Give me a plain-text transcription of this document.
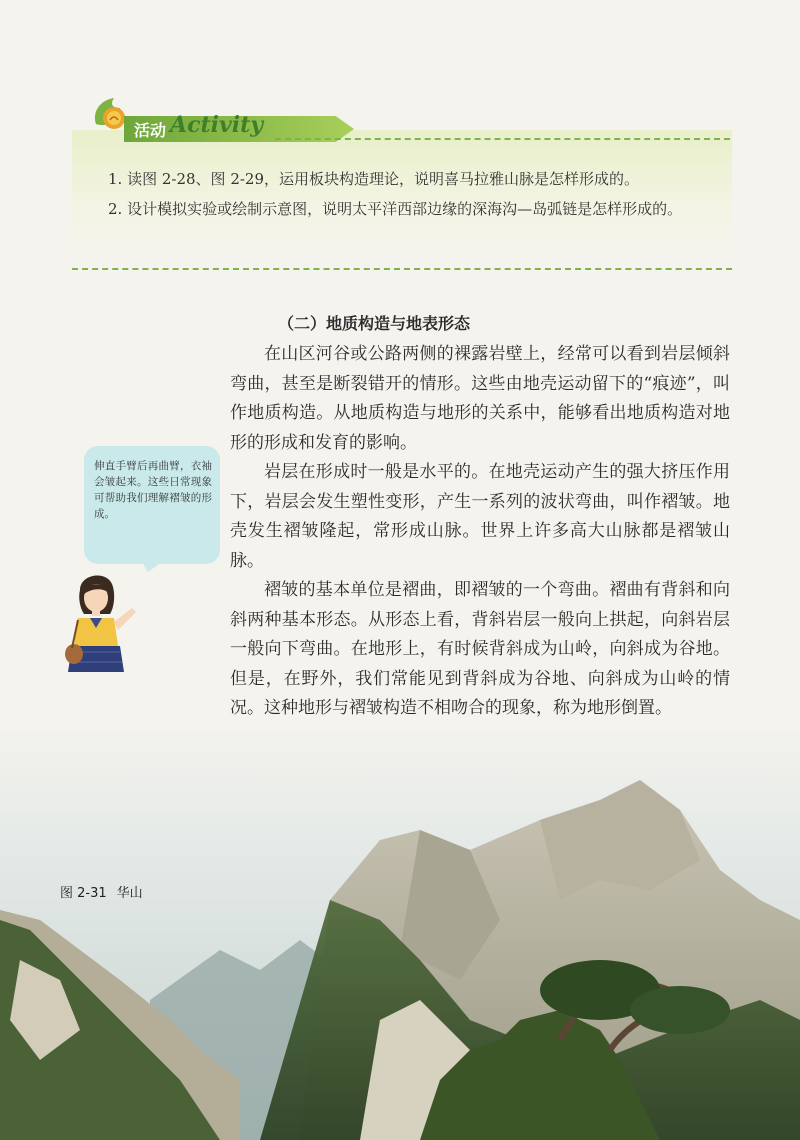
活动 Activity

1. 读图 2-28、图 2-29，运用板块构造理论，说明喜马拉雅山脉是怎样形成的。

2. 设计模拟实验或绘制示意图，说明太平洋西部边缘的深海沟—岛弧链是怎样形成的。

（二）地质构造与地表形态

在山区河谷或公路两侧的裸露岩壁上，经常可以看到岩层倾斜弯曲，甚至是断裂错开的情形。这些由地壳运动留下的“痕迹”，叫作地质构造。从地质构造与地形的关系中，能够看出地质构造对地形的形成和发育的影响。

岩层在形成时一般是水平的。在地壳运动产生的强大挤压作用下，岩层会发生塑性变形，产生一系列的波状弯曲，叫作褶皱。地壳发生褶皱隆起，常形成山脉。世界上许多高大山脉都是褶皱山脉。

褶皱的基本单位是褶曲，即褶皱的一个弯曲。褶曲有背斜和向斜两种基本形态。从形态上看，背斜岩层一般向上拱起，向斜岩层一般向下弯曲。在地形上，有时候背斜成为山岭，向斜成为谷地。但是，在野外，我们常能见到背斜成为谷地、向斜成为山岭的情况。这种地形与褶皱构造不相吻合的现象，称为地形倒置。

伸直手臂后再曲臂，衣袖会皱起来。这些日常现象可帮助我们理解褶皱的形成。
图 2-31 华山
